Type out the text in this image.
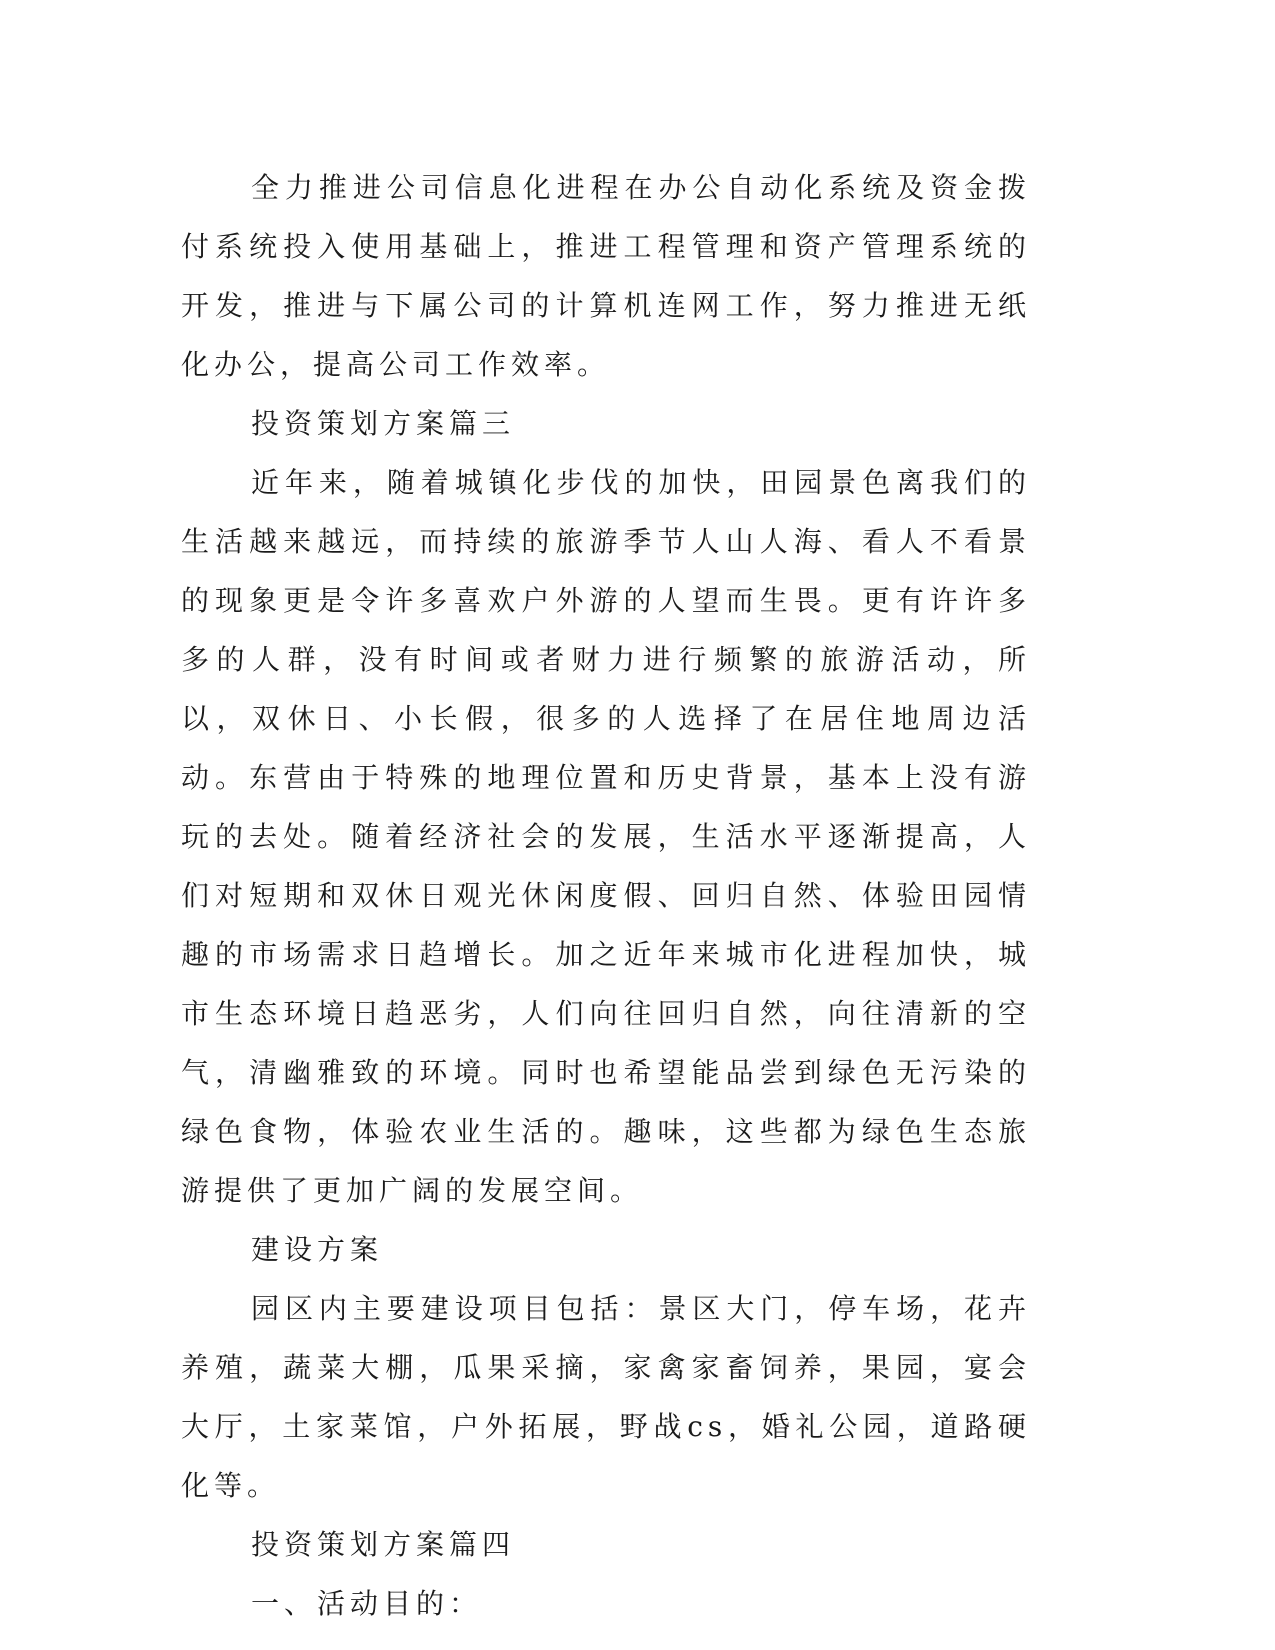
全力推进公司信息化进程在办公自动化系统及资金拨付系统投入使用基础上，推进工程管理和资产管理系统的开发，推进与下属公司的计算机连网工作，努力推进无纸化办公，提高公司工作效率。

投资策划方案篇三

近年来，随着城镇化步伐的加快，田园景色离我们的生活越来越远，而持续的旅游季节人山人海、看人不看景的现象更是令许多喜欢户外游的人望而生畏。更有许许多多的人群，没有时间或者财力进行频繁的旅游活动，所以，双休日、小长假，很多的人选择了在居住地周边活动。东营由于特殊的地理位置和历史背景，基本上没有游玩的去处。随着经济社会的发展，生活水平逐渐提高，人们对短期和双休日观光休闲度假、回归自然、体验田园情趣的市场需求日趋增长。加之近年来城市化进程加快，城市生态环境日趋恶劣，人们向往回归自然，向往清新的空气，清幽雅致的环境。同时也希望能品尝到绿色无污染的绿色食物，体验农业生活的。趣味，这些都为绿色生态旅游提供了更加广阔的发展空间。

建设方案

园区内主要建设项目包括：景区大门，停车场，花卉养殖，蔬菜大棚，瓜果采摘，家禽家畜饲养，果园，宴会大厅，土家菜馆，户外拓展，野战cs，婚礼公园，道路硬化等。

投资策划方案篇四

一、活动目的：
